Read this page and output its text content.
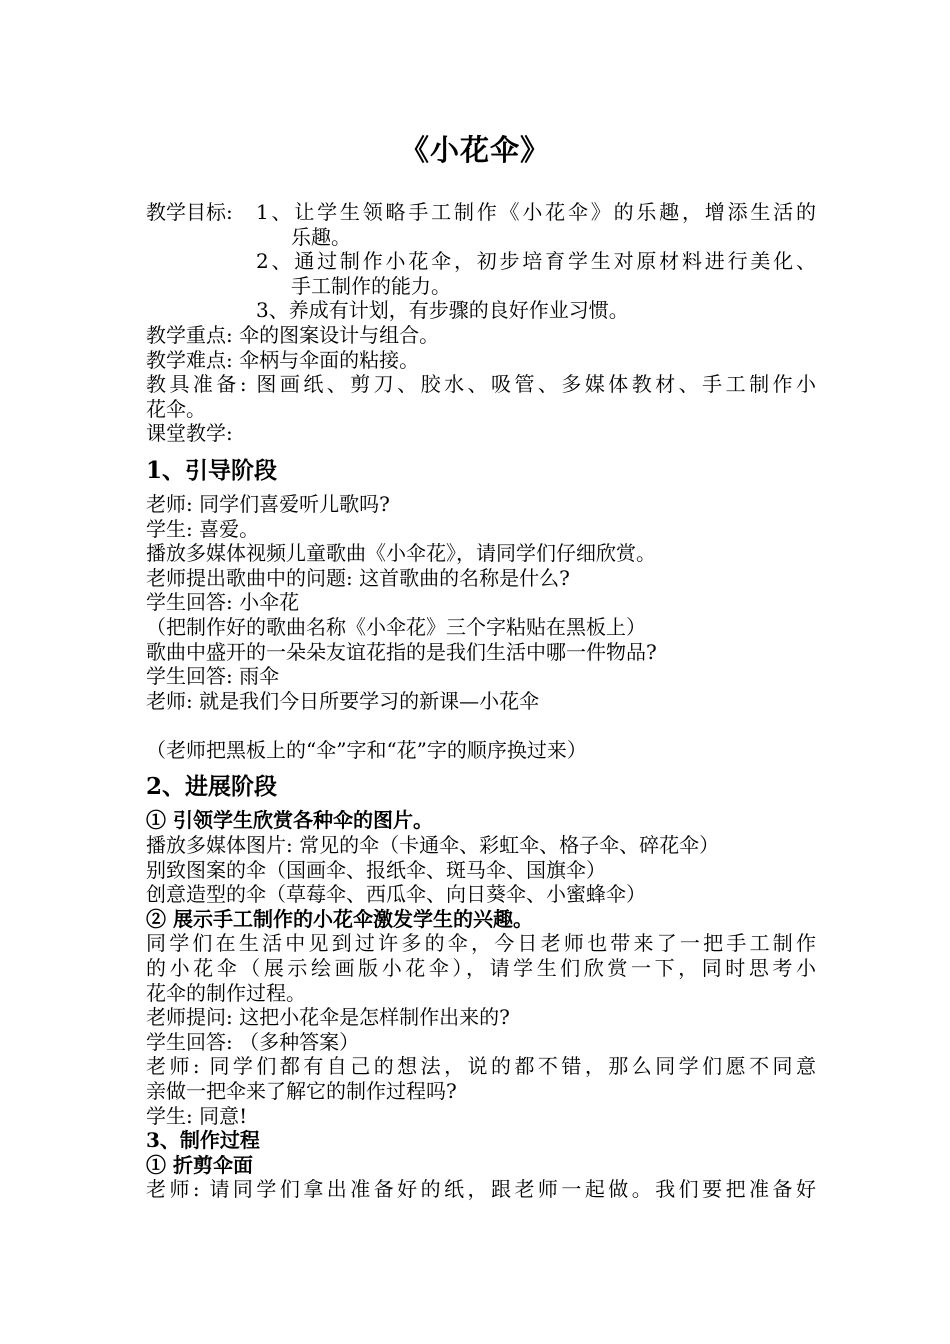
《小花伞》
教学目标:	1、让学生领略手工制作《小花伞》的乐趣，增添生活的
乐趣。
2、通过制作小花伞，初步培育学生对原材料进行美化、
手工制作的能力。
3、养成有计划，有步骤的良好作业习惯。
教学重点: 伞的图案设计与组合。
教学难点: 伞柄与伞面的粘接。
教具准备: 图画纸、剪刀、胶水、吸管、多媒体教材、手工制作小
花伞。
课堂教学:
1、引导阶段
老师: 同学们喜爱听儿歌吗?
学生: 喜爱。
播放多媒体视频儿童歌曲《小伞花》，请同学们仔细欣赏。
老师提出歌曲中的问题: 这首歌曲的名称是什么?
学生回答: 小伞花
（把制作好的歌曲名称《小伞花》三个字粘贴在黑板上）
歌曲中盛开的一朵朵友谊花指的是我们生活中哪一件物品?
学生回答: 雨伞
老师: 就是我们今日所要学习的新课—小花伞
（老师把黑板上的“伞”字和“花”字的顺序换过来）
2、进展阶段
① 引领学生欣赏各种伞的图片。
播放多媒体图片: 常见的伞（卡通伞、彩虹伞、格子伞、碎花伞）
别致图案的伞（国画伞、报纸伞、斑马伞、国旗伞）
创意造型的伞（草莓伞、西瓜伞、向日葵伞、小蜜蜂伞）
② 展示手工制作的小花伞激发学生的兴趣。
同学们在生活中见到过许多的伞，今日老师也带来了一把手工制作
的小花伞（展示绘画版小花伞），请学生们欣赏一下，同时思考小
花伞的制作过程。
老师提问: 这把小花伞是怎样制作出来的?
学生回答: （多种答案）
老师: 同学们都有自己的想法，说的都不错，那么同学们愿不同意
亲做一把伞来了解它的制作过程吗?
学生: 同意!
3、制作过程
① 折剪伞面
老师: 请同学们拿出准备好的纸，跟老师一起做。我们要把准备好
